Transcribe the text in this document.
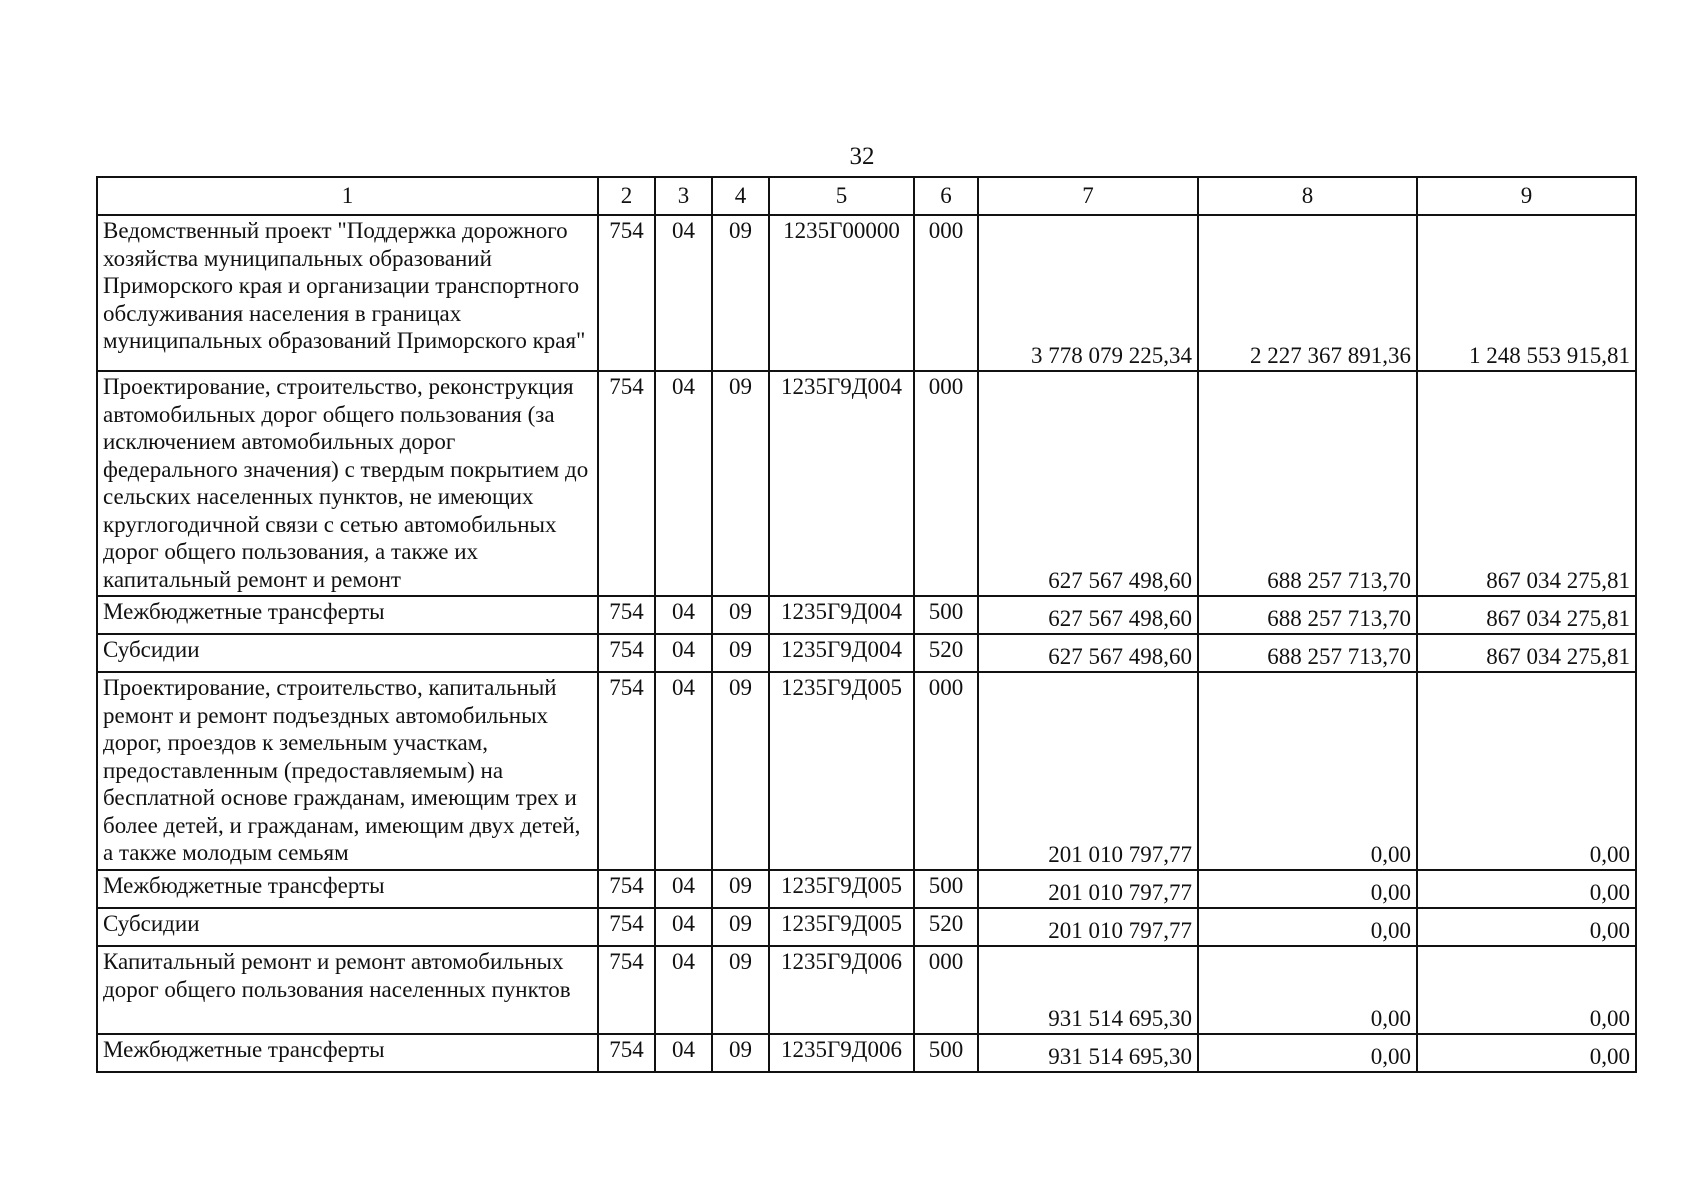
32
1	2	3	4	5	6	7	8	9
Ведомственный проект "Поддержка дорожного хозяйства муниципальных образований Приморского края и организации транспортного обслуживания населения в границах муниципальных образований Приморского края"	754	04	09	1235Г00000	000	3 778 079 225,34	2 227 367 891,36	1 248 553 915,81
Проектирование, строительство, реконструкция автомобильных дорог общего пользования (за исключением автомобильных дорог федерального значения) с твердым покрытием до сельских населенных пунктов, не имеющих круглогодичной связи с сетью автомобильных дорог общего пользования, а также их капитальный ремонт и ремонт	754	04	09	1235Г9Д004	000	627 567 498,60	688 257 713,70	867 034 275,81
Межбюджетные трансферты	754	04	09	1235Г9Д004	500	627 567 498,60	688 257 713,70	867 034 275,81
Субсидии	754	04	09	1235Г9Д004	520	627 567 498,60	688 257 713,70	867 034 275,81
Проектирование, строительство, капитальный ремонт и ремонт подъездных автомобильных дорог, проездов к земельным участкам, предоставленным (предоставляемым) на бесплатной основе гражданам, имеющим трех и более детей, и гражданам, имеющим двух детей, а также молодым семьям	754	04	09	1235Г9Д005	000	201 010 797,77	0,00	0,00
Межбюджетные трансферты	754	04	09	1235Г9Д005	500	201 010 797,77	0,00	0,00
Субсидии	754	04	09	1235Г9Д005	520	201 010 797,77	0,00	0,00
Капитальный ремонт и ремонт автомобильных дорог общего пользования населенных пунктов	754	04	09	1235Г9Д006	000	931 514 695,30	0,00	0,00
Межбюджетные трансферты	754	04	09	1235Г9Д006	500	931 514 695,30	0,00	0,00
